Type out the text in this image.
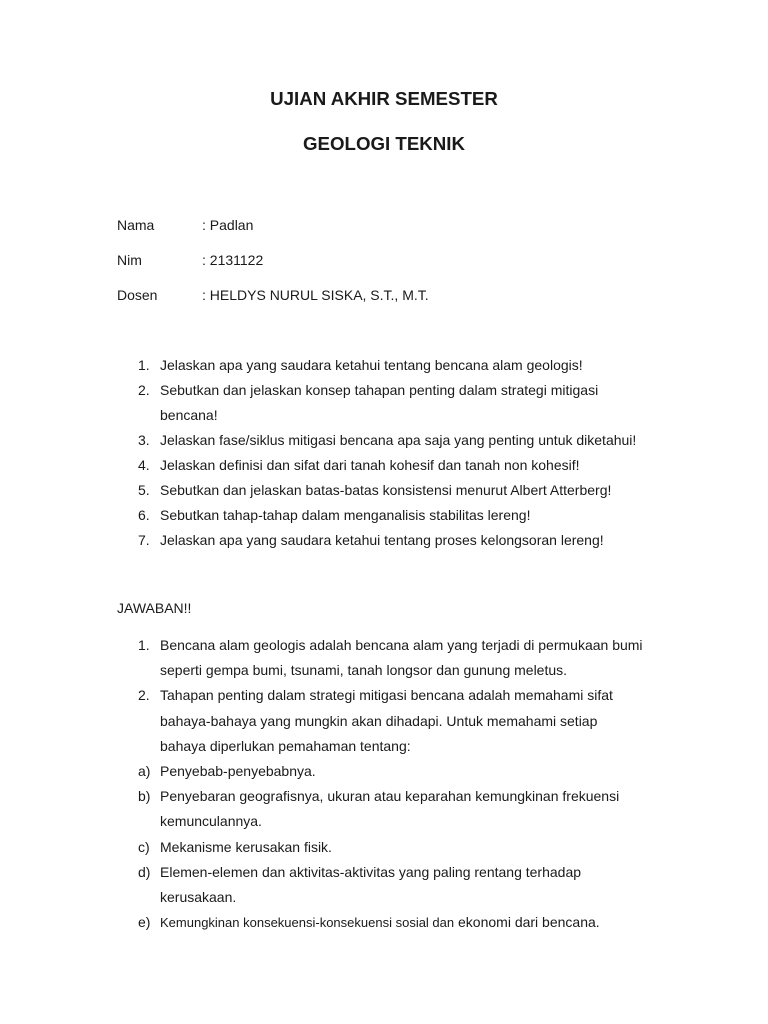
UJIAN AKHIR SEMESTER
GEOLOGI TEKNIK
Nama	: Padlan
Nim	: 2131122
Dosen	: HELDYS NURUL SISKA, S.T., M.T.
1. Jelaskan apa yang saudara ketahui tentang bencana alam geologis!
2. Sebutkan dan jelaskan konsep tahapan penting dalam strategi mitigasi
bencana!
3. Jelaskan fase/siklus mitigasi bencana apa saja yang penting untuk diketahui!
4. Jelaskan definisi dan sifat dari tanah kohesif dan tanah non kohesif!
5. Sebutkan dan jelaskan batas-batas konsistensi menurut Albert Atterberg!
6. Sebutkan tahap-tahap dalam menganalisis stabilitas lereng!
7. Jelaskan apa yang saudara ketahui tentang proses kelongsoran lereng!
JAWABAN!!
1. Bencana alam geologis adalah bencana alam yang terjadi di permukaan bumi
seperti gempa bumi, tsunami, tanah longsor dan gunung meletus.
2. Tahapan penting dalam strategi mitigasi bencana adalah memahami sifat
bahaya-bahaya yang mungkin akan dihadapi. Untuk memahami setiap
bahaya diperlukan pemahaman tentang:
a) Penyebab-penyebabnya.
b) Penyebaran geografisnya, ukuran atau keparahan kemungkinan frekuensi
kemunculannya.
c) Mekanisme kerusakan fisik.
d) Elemen-elemen dan aktivitas-aktivitas yang paling rentang terhadap
kerusakaan.
e) Kemungkinan konsekuensi-konsekuensi sosial dan ekonomi dari bencana.
